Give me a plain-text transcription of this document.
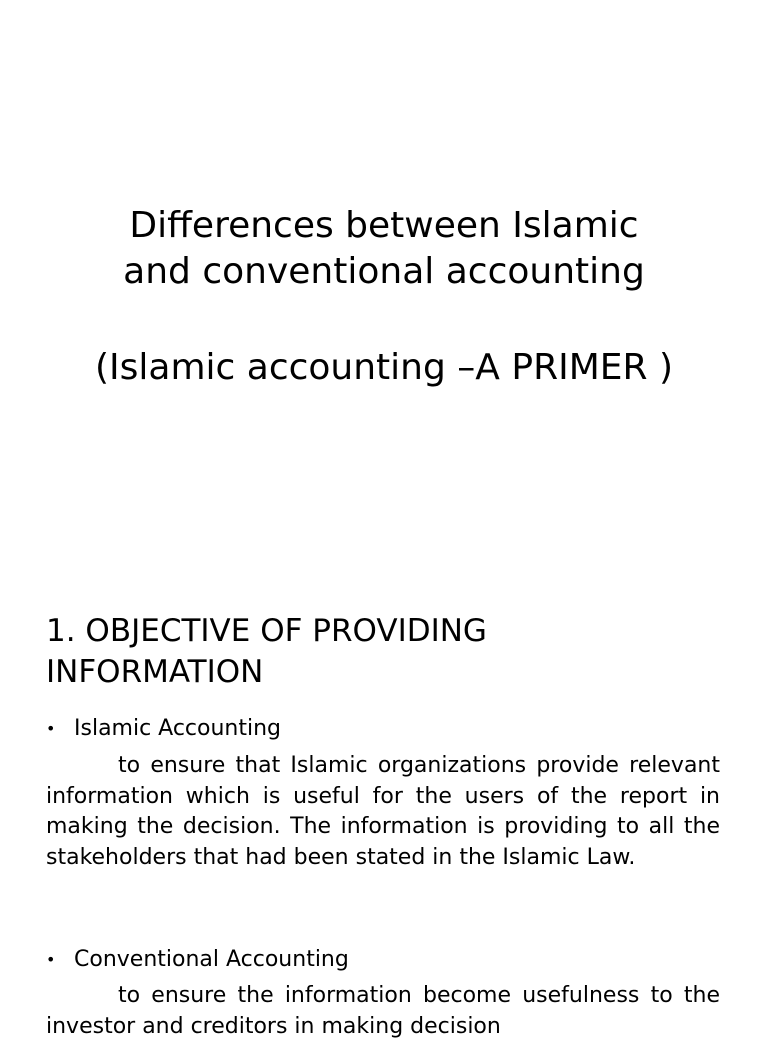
Differences between Islamic
and conventional accounting
(Islamic accounting –A PRIMER )
1. OBJECTIVE OF PROVIDING
INFORMATION
• Islamic Accounting

to ensure that Islamic organizations provide relevant information which is useful for the users of the report in making the decision. The information is providing to all the stakeholders that had been stated in the Islamic Law.

• Conventional Accounting

to ensure the information become usefulness to the investor and creditors in making decision
